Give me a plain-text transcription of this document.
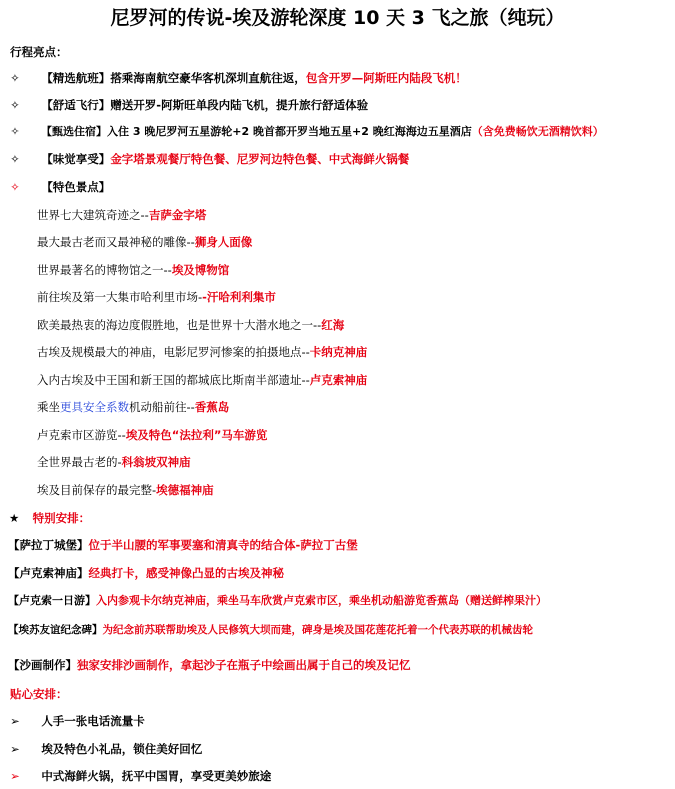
尼罗河的传说-埃及游轮深度 10 天 3 飞之旅（纯玩）
行程亮点：
✧ 【精选航班】搭乘海南航空豪华客机深圳直航往返，包含开罗—阿斯旺内陆段飞机！
✧ 【舒适飞行】赠送开罗-阿斯旺单段内陆飞机，提升旅行舒适体验
✧ 【甄选住宿】入住 3 晚尼罗河五星游轮+2 晚首都开罗当地五星+2 晚红海海边五星酒店（含免费畅饮无酒精饮料）
✧ 【味觉享受】金字塔景观餐厅特色餐、尼罗河边特色餐、中式海鲜火锅餐
✧ 【特色景点】
世界七大建筑奇迹之--吉萨金字塔
最大最古老而又最神秘的雕像--狮身人面像
世界最著名的博物馆之一--埃及博物馆
前往埃及第一大集市哈利里市场--汗哈利利集市
欧美最热衷的海边度假胜地，也是世界十大潜水地之一--红海
古埃及规模最大的神庙，电影尼罗河惨案的拍摄地点--卡纳克神庙
入内古埃及中王国和新王国的都城底比斯南半部遗址--卢克索神庙
乘坐更具安全系数机动船前往--香蕉岛
卢克索市区游览--埃及特色“法拉利”马车游览
全世界最古老的-科翁坡双神庙
埃及目前保存的最完整-埃德福神庙
★ 特别安排：
【萨拉丁城堡】位于半山腰的军事要塞和清真寺的结合体-萨拉丁古堡
【卢克索神庙】经典打卡，感受神像凸显的古埃及神秘
【卢克索一日游】入内参观卡尔纳克神庙，乘坐马车欣赏卢克索市区，乘坐机动船游览香蕉岛（赠送鲜榨果汁）
【埃苏友谊纪念碑】为纪念前苏联帮助埃及人民修筑大坝而建，碑身是埃及国花莲花托着一个代表苏联的机械齿轮
【沙画制作】独家安排沙画制作，拿起沙子在瓶子中绘画出属于自己的埃及记忆
贴心安排：
➢ 人手一张电话流量卡
➢ 埃及特色小礼品，锁住美好回忆
➢ 中式海鲜火锅，抚平中国胃，享受更美妙旅途
